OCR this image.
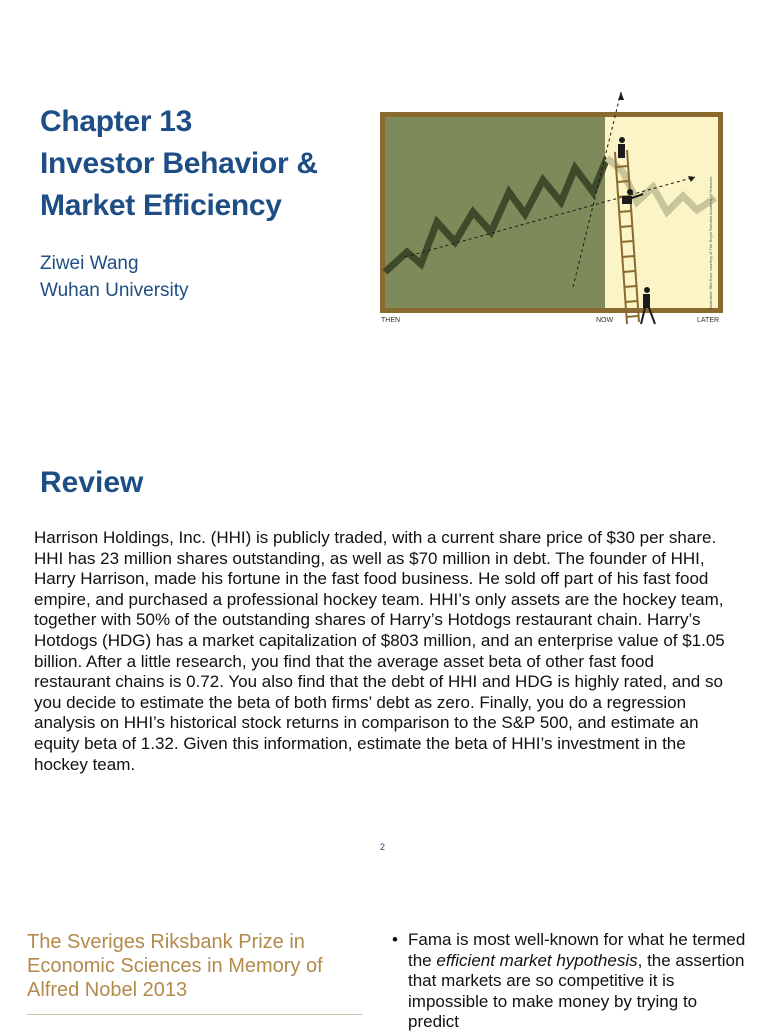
Chapter 13
Investor Behavior &
Market Efficiency
Ziwei Wang
Wuhan University
THEN	NOW	LATER
Illustration: Rita Hovi, courtesy of The Royal Swedish Academy of Sciences
Review

Harrison Holdings, Inc. (HHI) is publicly traded, with a current share price of $30 per share. HHI has 23 million shares outstanding, as well as $70 million in debt. The founder of HHI, Harry Harrison, made his fortune in the fast food business. He sold off part of his fast food empire, and purchased a professional hockey team. HHI’s only assets are the hockey team, together with 50% of the outstanding shares of Harry’s Hotdogs restaurant chain. Harry’s Hotdogs (HDG) has a market capitalization of $803 million, and an enterprise value of $1.05 billion. After a little research, you find that the average asset beta of other fast food restaurant chains is 0.72. You also find that the debt of HHI and HDG is highly rated, and so you decide to estimate the beta of both firms’ debt as zero. Finally, you do a regression analysis on HHI’s historical stock returns in comparison to the S&P 500, and estimate an equity beta of 1.32. Given this information, estimate the beta of HHI’s investment in the hockey team.

2

The Sveriges Riksbank Prize in Economic Sciences in Memory of Alfred Nobel 2013

• Fama is most well-known for what he termed the efficient market hypothesis, the assertion that markets are so competitive it is impossible to make money by trying to predict
